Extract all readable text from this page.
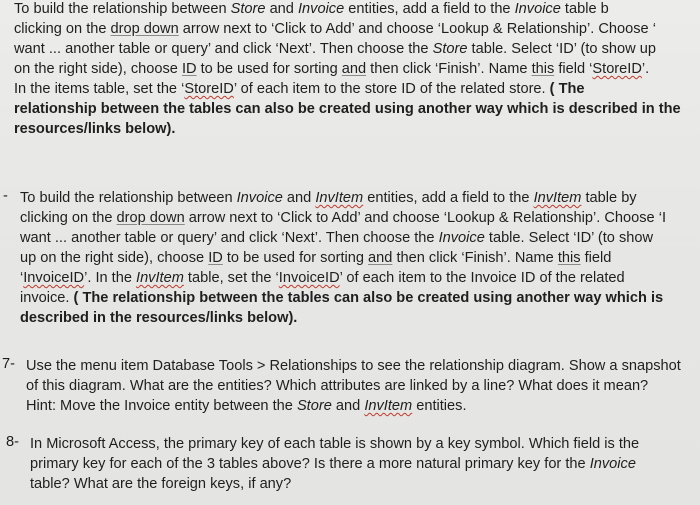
To build the relationship between Store and Invoice entities, add a field to the Invoice table b

clicking on the drop down arrow next to ‘Click to Add’ and choose ‘Lookup & Relationship’. Choose ‘

want ... another table or query’ and click ‘Next’. Then choose the Store table. Select ‘ID’ (to show up

on the right side), choose ID to be used for sorting and then click ‘Finish’. Name this field ‘StoreID’.

In the items table, set the ‘StoreID’ of each item to the store ID of the related store. ( The

relationship between the tables can also be created using another way which is described in the

resources/links below).

- To build the relationship between Invoice and InvItem entities, add a field to the InvItem table by

clicking on the drop down arrow next to ‘Click to Add’ and choose ‘Lookup & Relationship’. Choose ‘I

want ... another table or query’ and click ‘Next’. Then choose the Invoice table. Select ‘ID’ (to show

up on the right side), choose ID to be used for sorting and then click ‘Finish’. Name this field

‘InvoiceID’. In the InvItem table, set the ‘InvoiceID’ of each item to the Invoice ID of the related

invoice. ( The relationship between the tables can also be created using another way which is

described in the resources/links below).

7- Use the menu item Database Tools > Relationships to see the relationship diagram. Show a snapshot

of this diagram. What are the entities? Which attributes are linked by a line? What does it mean?

Hint: Move the Invoice entity between the Store and InvItem entities.

8- In Microsoft Access, the primary key of each table is shown by a key symbol. Which field is the

primary key for each of the 3 tables above? Is there a more natural primary key for the Invoice

table? What are the foreign keys, if any?
